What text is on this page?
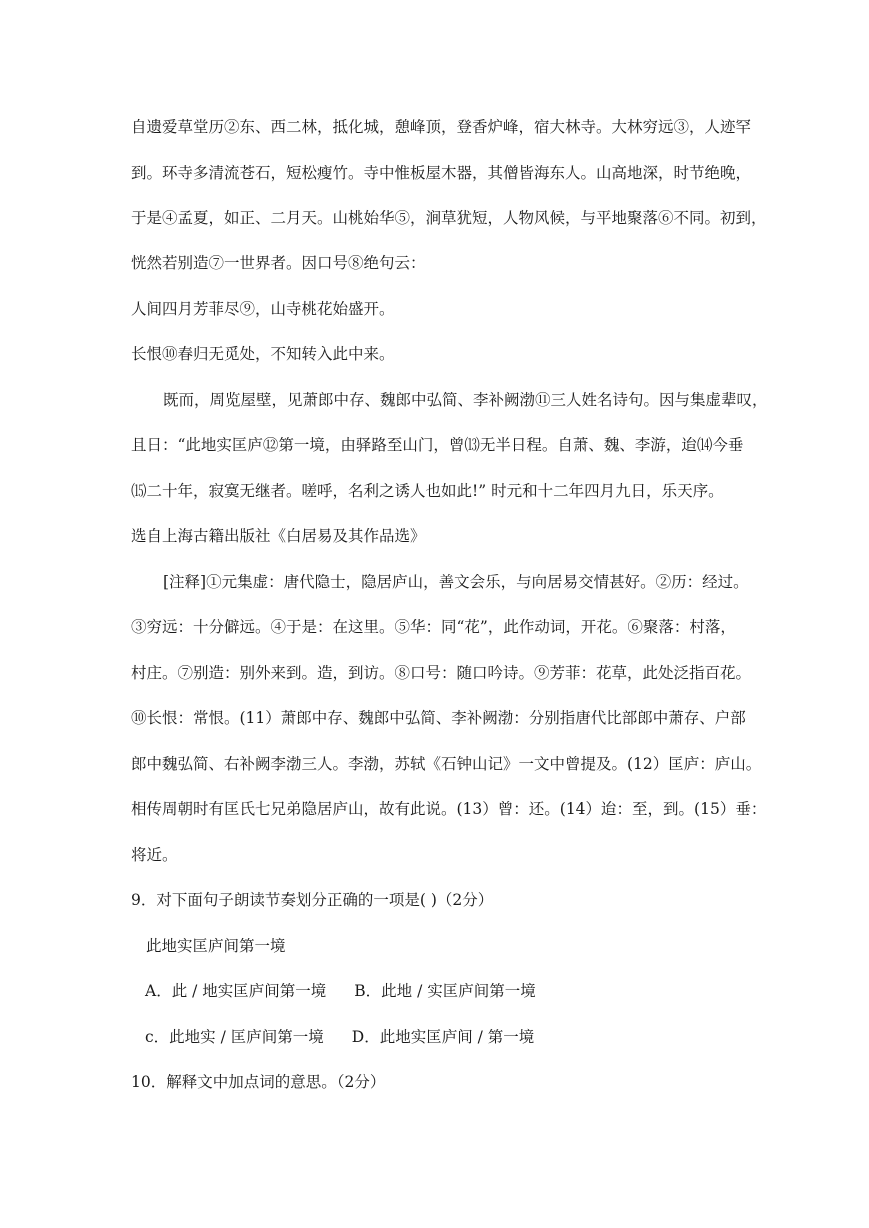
自遗爱草堂历②东、西二林，抵化城，憩峰顶，登香炉峰，宿大林寺。大林穷远③，人迹罕
到。环寺多清流苍石，短松瘦竹。寺中惟板屋木器，其僧皆海东人。山高地深，时节绝晚，
于是④孟夏，如正、二月天。山桃始华⑤，涧草犹短，人物风候，与平地聚落⑥不同。初到，
恍然若别造⑦一世界者。因口号⑧绝句云：
人间四月芳菲尽⑨，山寺桃花始盛开。
长恨⑩春归无觅处，不知转入此中来。
既而，周览屋壁，见萧郎中存、魏郎中弘简、李补阙渤⑪三人姓名诗句。因与集虚辈叹，
且日：“此地实匡庐⑫第一境，由驿路至山门，曾⒀无半日程。自萧、魏、李游，迨⒁今垂
⒂二十年，寂寞无继者。嗟呼，名利之诱人也如此!” 时元和十二年四月九日，乐天序。
选自上海古籍出版社《白居易及其作品选》
[注释]①元集虚：唐代隐士，隐居庐山，善文会乐，与向居易交情甚好。②历：经过。
③穷远：十分僻远。④于是：在这里。⑤华：同“花”，此作动词，开花。⑥聚落：村落，
村庄。⑦别造：别外来到。造，到访。⑧口号：随口吟诗。⑨芳菲：花草，此处泛指百花。
⑩长恨：常恨。(11）萧郎中存、魏郎中弘简、李补阙渤：分别指唐代比部郎中萧存、户部
郎中魏弘简、右补阙李渤三人。李渤，苏轼《石钟山记》一文中曾提及。(12）匡庐：庐山。
相传周朝时有匡氏七兄弟隐居庐山，故有此说。(13）曾：还。(14）迨：至，到。(15）垂：
将近。
9．对下面句子朗读节奏划分正确的一项是( )（2分）
此地实匡庐间第一境
A．此 / 地实匡庐间第一境 B．此地 / 实匡庐间第一境
c．此地实 / 匡庐间第一境 D．此地实匡庐间 / 第一境
10．解释文中加点词的意思。（2分）
